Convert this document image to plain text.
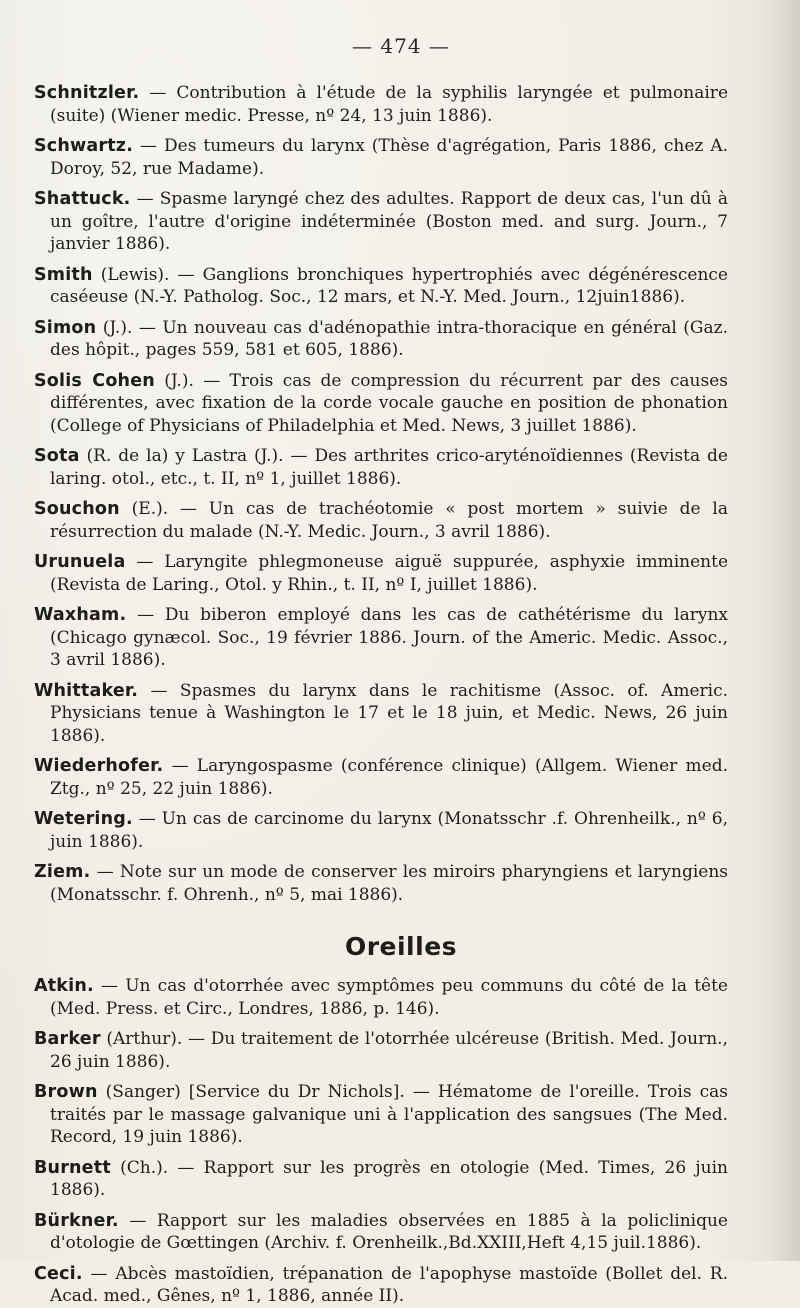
— 474 —

Schnitzler. — Contribution à l'étude de la syphilis laryngée et pulmonaire (suite) (Wiener medic. Presse, nº 24, 13 juin 1886).

Schwartz. — Des tumeurs du larynx (Thèse d'agrégation, Paris 1886, chez A. Doroy, 52, rue Madame).

Shattuck. — Spasme laryngé chez des adultes. Rapport de deux cas, l'un dû à un goître, l'autre d'origine indéterminée (Boston med. and surg. Journ., 7 janvier 1886).

Smith (Lewis). — Ganglions bronchiques hypertrophiés avec dégénérescence caséeuse (N.-Y. Patholog. Soc., 12 mars, et N.-Y. Med. Journ., 12juin1886).

Simon (J.). — Un nouveau cas d'adénopathie intra-thoracique en général (Gaz. des hôpit., pages 559, 581 et 605, 1886).

Solis Cohen (J.). — Trois cas de compression du récurrent par des causes différentes, avec fixation de la corde vocale gauche en position de phonation (College of Physicians of Philadelphia et Med. News, 3 juillet 1886).

Sota (R. de la) y Lastra (J.). — Des arthrites crico-aryténoïdiennes (Revista de laring. otol., etc., t. II, nº 1, juillet 1886).

Souchon (E.). — Un cas de trachéotomie « post mortem » suivie de la résurrection du malade (N.-Y. Medic. Journ., 3 avril 1886).

Urunuela — Laryngite phlegmoneuse aiguë suppurée, asphyxie imminente (Revista de Laring., Otol. y Rhin., t. II, nº I, juillet 1886).

Waxham. — Du biberon employé dans les cas de cathétérisme du larynx (Chicago gynæcol. Soc., 19 février 1886. Journ. of the Americ. Medic. Assoc., 3 avril 1886).

Whittaker. — Spasmes du larynx dans le rachitisme (Assoc. of. Americ. Physicians tenue à Washington le 17 et le 18 juin, et Medic. News, 26 juin 1886).

Wiederhofer. — Laryngospasme (conférence clinique) (Allgem. Wiener med. Ztg., nº 25, 22 juin 1886).

Wetering. — Un cas de carcinome du larynx (Monatsschr .f. Ohrenheilk., nº 6, juin 1886).

Ziem. — Note sur un mode de conserver les miroirs pharyngiens et laryngiens (Monatsschr. f. Ohrenh., nº 5, mai 1886).

Oreilles

Atkin. — Un cas d'otorrhée avec symptômes peu communs du côté de la tête (Med. Press. et Circ., Londres, 1886, p. 146).

Barker (Arthur). — Du traitement de l'otorrhée ulcéreuse (British. Med. Journ., 26 juin 1886).

Brown (Sanger) [Service du Dr Nichols]. — Hématome de l'oreille. Trois cas traités par le massage galvanique uni à l'application des sangsues (The Med. Record, 19 juin 1886).

Burnett (Ch.). — Rapport sur les progrès en otologie (Med. Times, 26 juin 1886).

Bürkner. — Rapport sur les maladies observées en 1885 à la policlinique d'otologie de Gœttingen (Archiv. f. Orenheilk.,Bd.XXIII,Heft 4,15 juil.1886).

Ceci. — Abcès mastoïdien, trépanation de l'apophyse mastoïde (Bollet del. R. Acad. med., Gênes, nº 1, 1886, année II).
